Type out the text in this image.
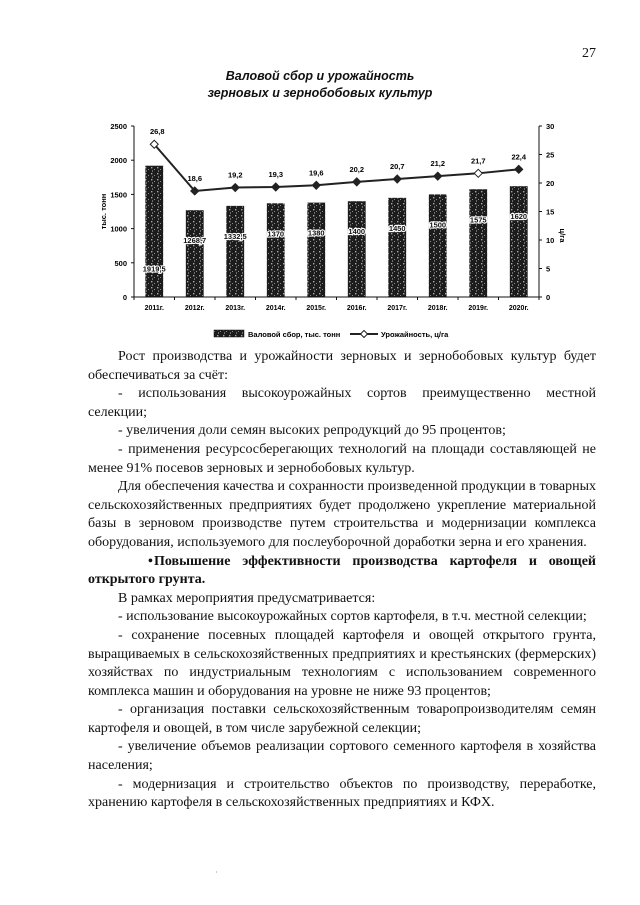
27
Валовой сбор и урожайность
зерновых и зернобобовых культур
0
500
1000
1500
2000
2500
0
5
10
15
20
25
30
2011г.	2012г.	2013г.	2014г.	2015г.	2016г.	2017г.	2018г.	2019г.	2020г.
тыс. тонн
ц/га
26,8
18,6	19,2	19,3	19,6	20,2	20,7	21,2	21,7	22,4
1919,5
1268,7 1332,5	1370	1380	1400	1450	1500
1575	1620
Валовой сбор, тыс. тонн	Урожайность, ц/га

Рост производства и урожайности зерновых и зернобобовых культур будет обеспечиваться за счёт:

- использования высокоурожайных сортов преимущественно местной селекции;

- увеличения доли семян высоких репродукций до 95 процентов;

- применения ресурсосберегающих технологий на площади составляющей не менее 91% посевов зерновых и зернобобовых культур.

Для обеспечения качества и сохранности произведенной продукции в товарных сельскохозяйственных предприятиях будет продолжено укрепление материальной базы в зерновом производстве путем строительства и модернизации комплекса оборудования, используемого для послеуборочной доработки зерна и его хранения.

•Повышение эффективности производства картофеля и овощей открытого грунта.

В рамках мероприятия предусматривается:

- использование высокоурожайных сортов картофеля, в т.ч. местной селекции;

- сохранение посевных площадей картофеля и овощей открытого грунта, выращиваемых в сельскохозяйственных предприятиях и крестьянских (фермерских) хозяйствах по индустриальным технологиям с использованием современного комплекса машин и оборудования на уровне не ниже 93 процентов;

- организация поставки сельскохозяйственным товаропроизводителям семян картофеля и овощей, в том числе зарубежной селекции;

- увеличение объемов реализации сортового семенного картофеля в хозяйства населения;

- модернизация и строительство объектов по производству, переработке, хранению картофеля в сельскохозяйственных предприятиях и КФХ.

·
